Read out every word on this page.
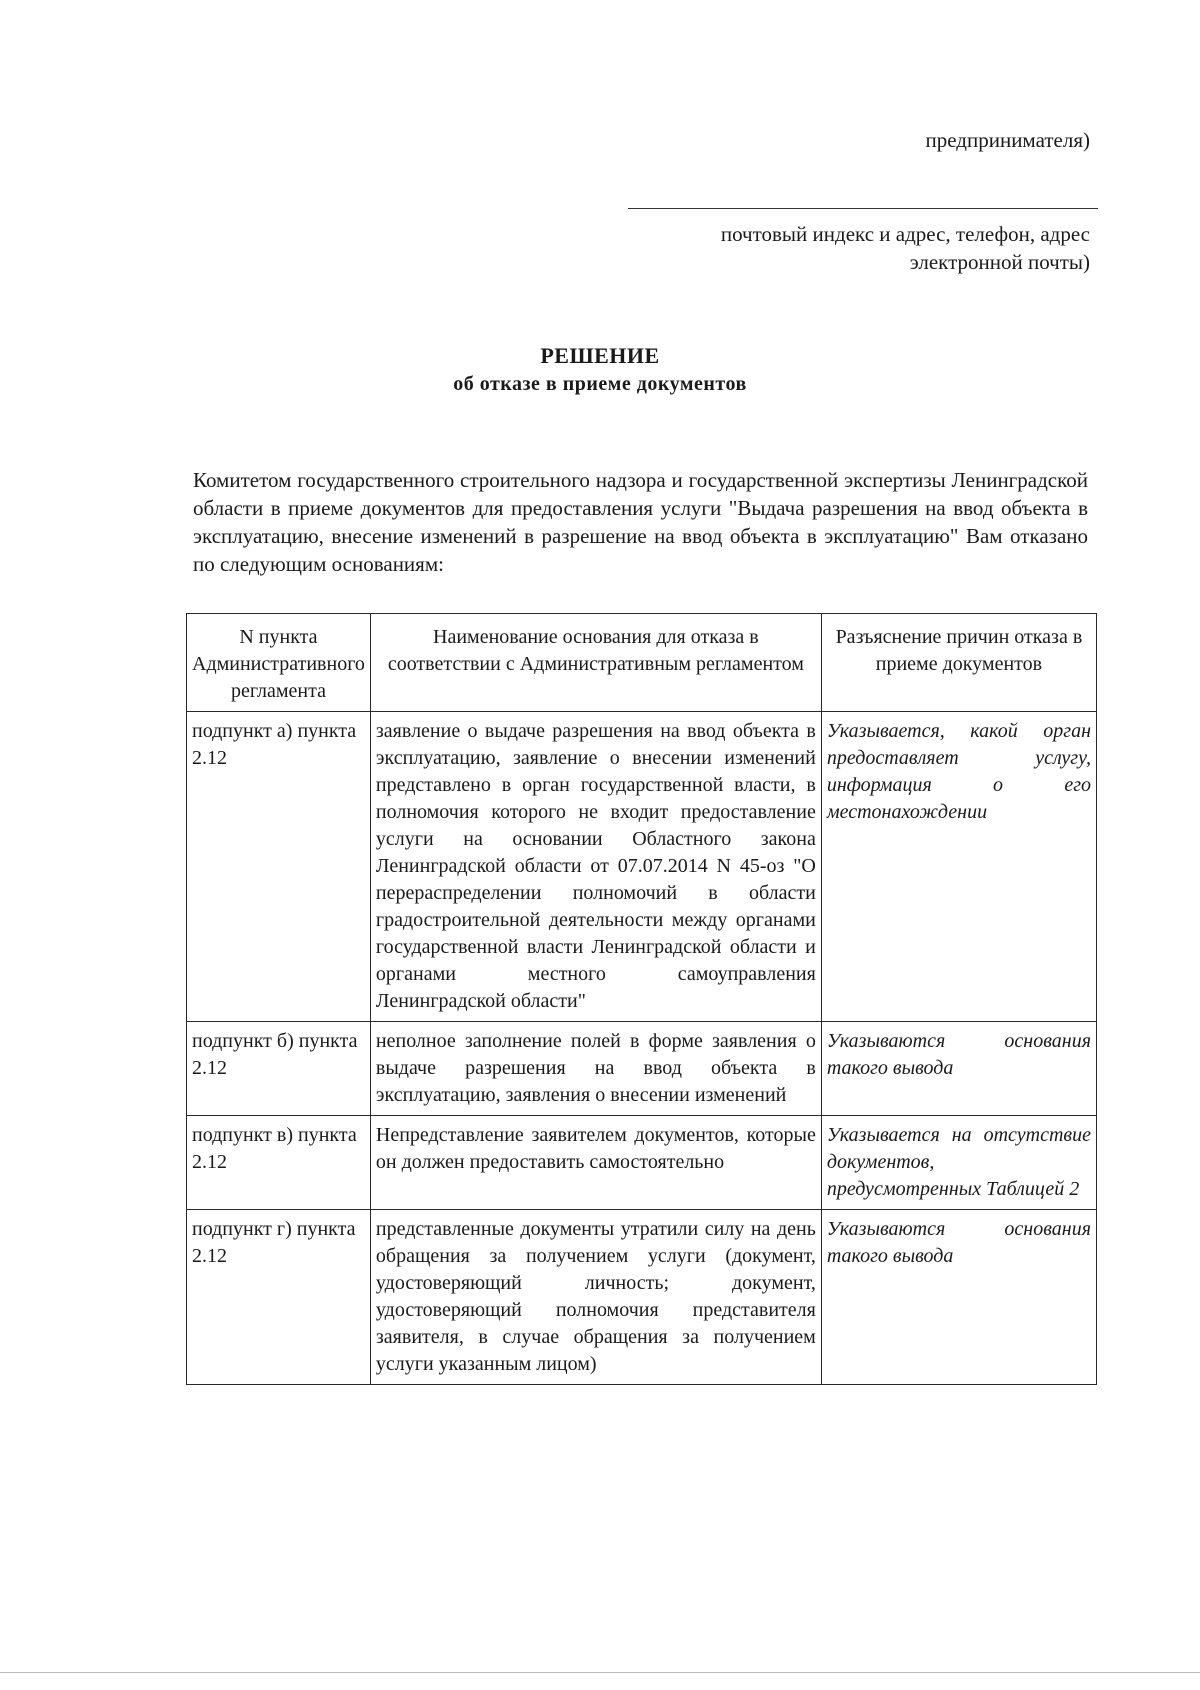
предпринимателя)
почтовый индекс и адрес, телефон, адрес
электронной почты)
РЕШЕНИЕ
об отказе в приеме документов
Комитетом государственного строительного надзора и государственной экспертизы Ленинградской области в приеме документов для предоставления услуги "Выдача разрешения на ввод объекта в эксплуатацию, внесение изменений в разрешение на ввод объекта в эксплуатацию" Вам отказано по следующим основаниям:
N пункта Административного регламента	Наименование основания для отказа в соответствии с Административным регламентом	Разъяснение причин отказа в приеме документов
подпункт а) пункта 2.12	заявление о выдаче разрешения на ввод объекта в эксплуатацию, заявление о внесении изменений представлено в орган государственной власти, в полномочия которого не входит предоставление услуги на основании Областного закона Ленинградской области от 07.07.2014 N 45-оз "О перераспределении полномочий в области градостроительной деятельности между органами государственной власти Ленинградской области и органами местного самоуправления Ленинградской области"	Указывается, какой орган предоставляет услугу, информация о его местонахождении
подпункт б) пункта 2.12	неполное заполнение полей в форме заявления о выдаче разрешения на ввод объекта в эксплуатацию, заявления о внесении изменений	Указываются основания такого вывода
подпункт в) пункта 2.12	Непредставление заявителем документов, которые он должен предоставить самостоятельно	Указывается на отсутствие документов, предусмотренных Таблицей 2
подпункт г) пункта 2.12	представленные документы утратили силу на день обращения за получением услуги (документ, удостоверяющий личность; документ, удостоверяющий полномочия представителя заявителя, в случае обращения за получением услуги указанным лицом)	Указываются основания такого вывода
